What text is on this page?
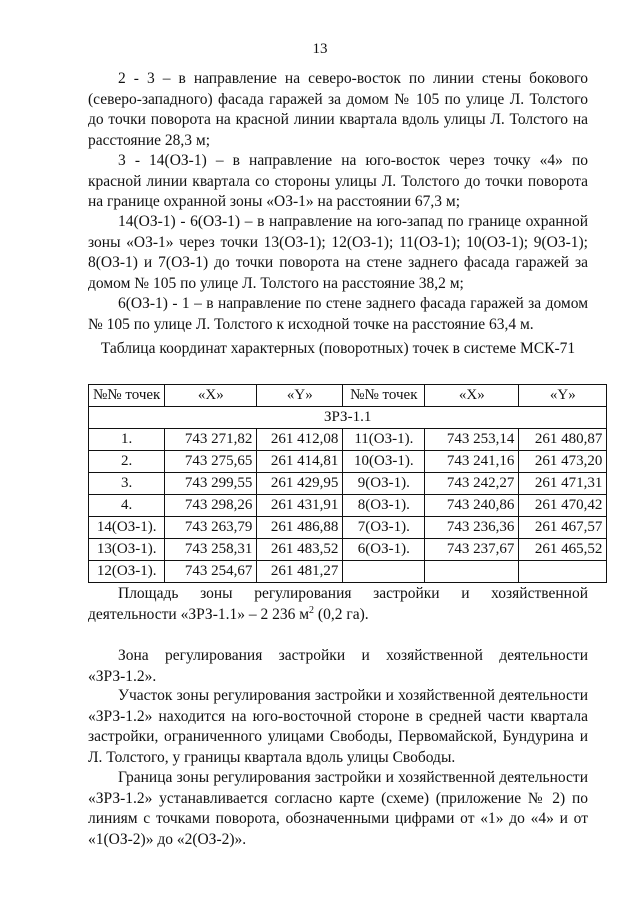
13

2 - 3 – в направление на северо-восток по линии стены бокового (северо-западного) фасада гаражей за домом № 105 по улице Л. Толстого до точки поворота на красной линии квартала вдоль улицы Л. Толстого на расстояние 28,3 м;

3 - 14(ОЗ-1) – в направление на юго-восток через точку «4» по красной линии квартала со стороны улицы Л. Толстого до точки поворота на границе охранной зоны «ОЗ-1» на расстоянии 67,3 м;

14(ОЗ-1) - 6(ОЗ-1) – в направление на юго-запад по границе охранной зоны «ОЗ-1» через точки 13(ОЗ-1); 12(ОЗ-1); 11(ОЗ-1); 10(ОЗ-1); 9(ОЗ-1); 8(ОЗ-1) и 7(ОЗ-1) до точки поворота на стене заднего фасада гаражей за домом № 105 по улице Л. Толстого на расстояние 38,2 м;

6(ОЗ-1) - 1 – в направление по стене заднего фасада гаражей за домом № 105 по улице Л. Толстого к исходной точке на расстояние 63,4 м.

Таблица координат характерных (поворотных) точек в системе МСК-71
№№ точек	«X»	«Y»	№№ точек	«X»	«Y»
ЗРЗ-1.1					
1.	743 271,82	261 412,08	11(ОЗ-1).	743 253,14	261 480,87
2.	743 275,65	261 414,81	10(ОЗ-1).	743 241,16	261 473,20
3.	743 299,55	261 429,95	9(ОЗ-1).	743 242,27	261 471,31
4.	743 298,26	261 431,91	8(ОЗ-1).	743 240,86	261 470,42
14(ОЗ-1).	743 263,79	261 486,88	7(ОЗ-1).	743 236,36	261 467,57
13(ОЗ-1).	743 258,31	261 483,52	6(ОЗ-1).	743 237,67	261 465,52
12(ОЗ-1).	743 254,67	261 481,27			

Площадь зоны регулирования застройки и хозяйственной деятельности «ЗРЗ-1.1» – 2 236 $м^2$ (0,2 га).

Зона регулирования застройки и хозяйственной деятельности «ЗРЗ-1.2».

Участок зоны регулирования застройки и хозяйственной деятельности «ЗРЗ-1.2» находится на юго-восточной стороне в средней части квартала застройки, ограниченного улицами Свободы, Первомайской, Бундурина и Л. Толстого, у границы квартала вдоль улицы Свободы.

Граница зоны регулирования застройки и хозяйственной деятельности «ЗРЗ-1.2» устанавливается согласно карте (схеме) (приложение № 2) по линиям с точками поворота, обозначенными цифрами от «1» до «4» и от «1(ОЗ-2)» до «2(ОЗ-2)».
